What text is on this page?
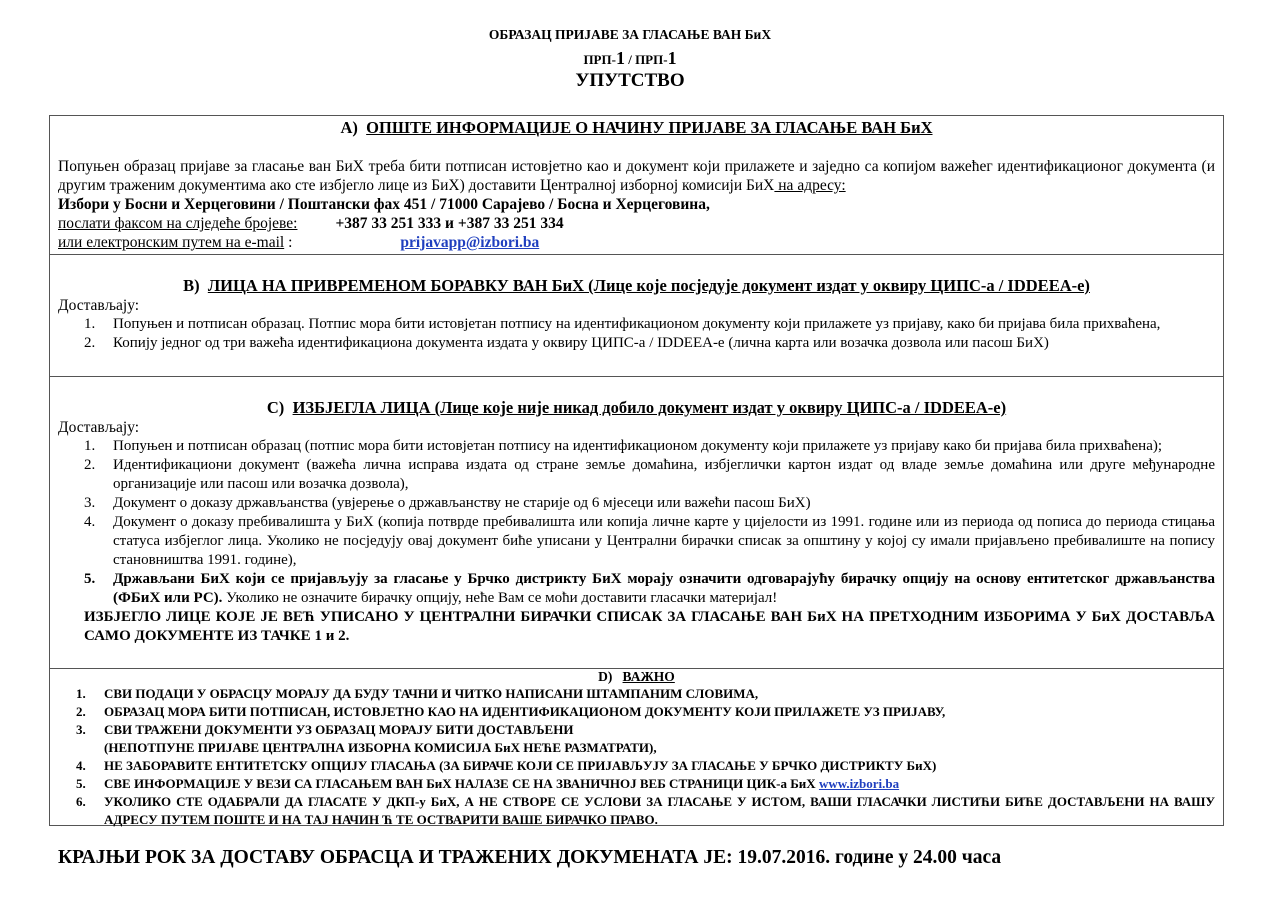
ОБРАЗАЦ ПРИЈАВЕ ЗА ГЛАСАЊЕ ВАН БиХ
ПРП-1 / ПРП-1
УПУТСТВО
А) ОПШТЕ ИНФОРМАЦИЈЕ О НАЧИНУ ПРИЈАВЕ ЗА ГЛАСАЊЕ ВАН БиХ
Попуњен образац пријаве за гласање ван БиХ треба бити потписан истовјетно као и документ који прилажете и заједно са копијом важећег идентификационог документа (и другим траженим документима ако сте избјегло лице из БиХ) доставити Централној изборној комисији БиХ на адресу:
Избори у Босни и Херцеговини / Поштански фах 451 / 71000 Сарајево / Босна и Херцеговина,
послати факсом на слједеће бројеве: +387 33 251 333 и +387 33 251 334
или електронским путем на e-mail :	prijavapp@izbori.ba
B) ЛИЦА НА ПРИВРЕМЕНОМ БОРАВКУ ВАН БиХ (Лице које посједује документ издат у оквиру ЦИПС-а / IDDEEA-е)
Достављају:
1. Попуњен и потписан образац. Потпис мора бити истовјетан потпису на идентификационом документу који прилажете уз пријаву, како би пријава била прихваћена,
2. Копију једног од три важећа идентификациона документа издата у оквиру ЦИПС-а / IDDEEA-е (лична карта или возачка дозвола или пасош БиХ)
C) ИЗБЈЕГЛА ЛИЦА (Лице које није никад добило документ издат у оквиру ЦИПС-а / IDDEEA-е)
Достављају:
1. Попуњен и потписан образац (потпис мора бити истовјетан потпису на идентификационом документу који прилажете уз пријаву како би пријава била прихваћена);
2. Идентификациони документ (важећа лична исправа издата од стране земље домаћина, избјеглички картон издат од владе земље домаћина или друге међународне организације или пасош или возачка дозвола),
3. Документ о доказу држављанства (увјерење о држављанству не старије од 6 мјесеци или важећи пасош БиХ)
4. Документ о доказу пребивалишта у БиХ (копија потврде пребивалишта или копија личне карте у цијелости из 1991. године или из периода од пописа до периода стицања статуса избјеглог лица. Уколико не посједују овај документ биће уписани у Централни бирачки списак за општину у којој су имали пријављено пребивалиште на попису становништва 1991. године),
5. Држављани БиХ који се пријављују за гласање у Брчко дистрикту БиХ морају означити одговарајућу бирачку опцију на основу ентитетског држављанства (ФБиХ или РС). Уколико не означите бирачку опцију, неће Вам се моћи доставити гласачки материјал!
ИЗБЈЕГЛО ЛИЦЕ КОЈЕ ЈЕ ВЕЋ УПИСАНО У ЦЕНТРАЛНИ БИРАЧКИ СПИСАК ЗА ГЛАСАЊЕ ВАН БиХ НА ПРЕТХОДНИМ ИЗБОРИМА У БиХ ДОСТАВЉА САМО ДОКУМЕНТЕ ИЗ ТАЧКЕ 1 и 2.
D) ВАЖНО
1. СВИ ПОДАЦИ У ОБРАСЦУ МОРАЈУ ДА БУДУ ТАЧНИ И ЧИТКО НАПИСАНИ ШТАМПАНИМ СЛОВИМА,
2. ОБРАЗАЦ МОРА БИТИ ПОТПИСАН, ИСТОВЈЕТНО КАО НА ИДЕНТИФИКАЦИОНОМ ДОКУМЕНТУ КОЈИ ПРИЛАЖЕТЕ УЗ ПРИЈАВУ,
3. СВИ ТРАЖЕНИ ДОКУМЕНТИ УЗ ОБРАЗАЦ МОРАЈУ БИТИ ДОСТАВЉЕНИ
(НЕПОТПУНЕ ПРИЈАВЕ ЦЕНТРАЛНА ИЗБОРНА КОМИСИЈА БиХ НЕЋЕ РАЗМАТРАТИ),
4. НЕ ЗАБОРАВИТЕ ЕНТИТЕТСКУ ОПЦИЈУ ГЛАСАЊА (ЗА БИРАЧЕ КОЈИ СЕ ПРИЈАВЉУЈУ ЗА ГЛАСАЊЕ У БРЧКО ДИСТРИКТУ БиХ)
5. СВЕ ИНФОРМАЦИЈЕ У ВЕЗИ СА ГЛАСАЊЕМ ВАН БиХ НАЛАЗЕ СЕ НА ЗВАНИЧНОЈ ВЕБ СТРАНИЦИ ЦИК-а БиХ www.izbori.ba
6. УКОЛИКО СТЕ ОДАБРАЛИ ДА ГЛАСАТЕ У ДКП-у БиХ, А НЕ СТВОРЕ СЕ УСЛОВИ ЗА ГЛАСАЊЕ У ИСТОМ, ВАШИ ГЛАСАЧКИ ЛИСТИЋИ БИЋЕ ДОСТАВЉЕНИ НА ВАШУ АДРЕСУ ПУТЕМ ПОШТЕ И НА ТАЈ НАЧИН Ћ ТЕ ОСТВАРИТИ ВАШЕ БИРАЧКО ПРАВО.
КРАЈЊИ РОК ЗА ДОСТАВУ ОБРАСЦА И ТРАЖЕНИХ ДОКУМЕНАТА ЈЕ: 19.07.2016. године у 24.00 часа
